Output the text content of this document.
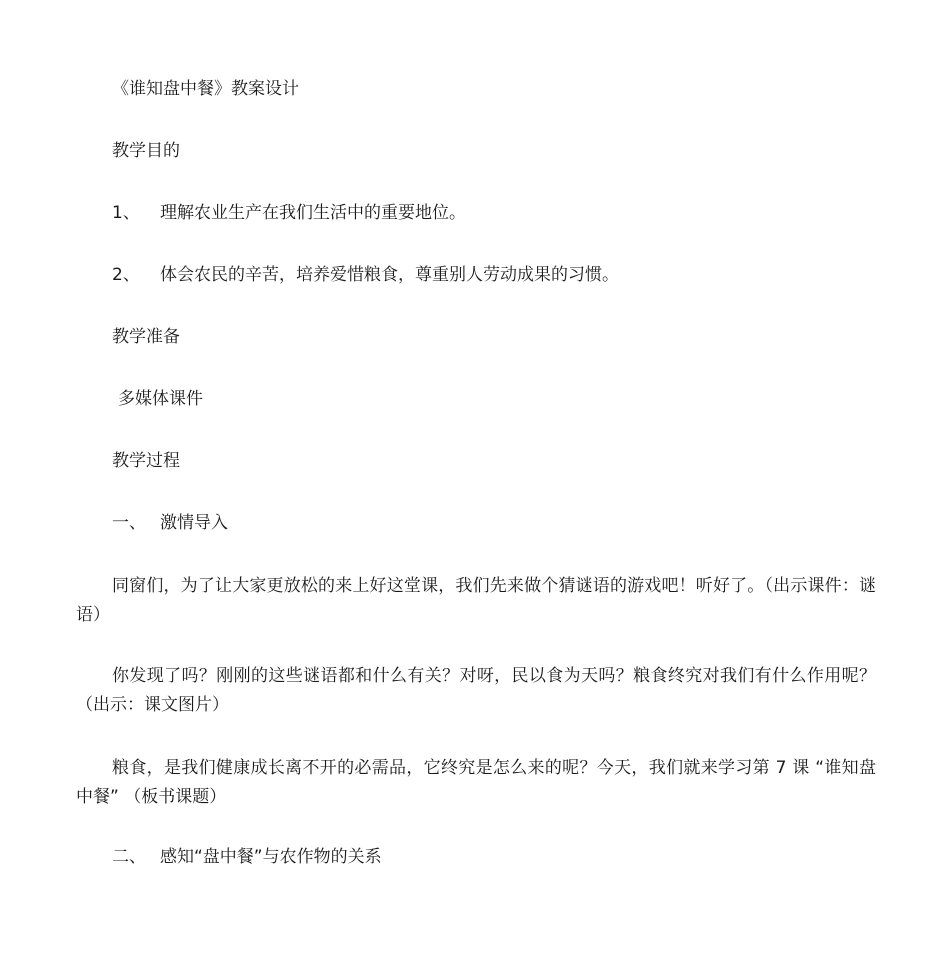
《谁知盘中餐》教案设计
教学目的
1、 理解农业生产在我们生活中的重要地位。
2、 体会农民的辛苦，培养爱惜粮食，尊重别人劳动成果的习惯。
教学准备
多媒体课件
教学过程
一、 激情导入
同窗们，为了让大家更放松的来上好这堂课，我们先来做个猜谜语的游戏吧！听好了。（出示课件：谜语）
你发现了吗？刚刚的这些谜语都和什么有关？对呀，民以食为天吗？粮食终究对我们有什么作用呢？（出示：课文图片）
粮食，是我们健康成长离不开的必需品，它终究是怎么来的呢？今天，我们就来学习第 7 课 “谁知盘中餐” （板书课题）
二、 感知“盘中餐”与农作物的关系
